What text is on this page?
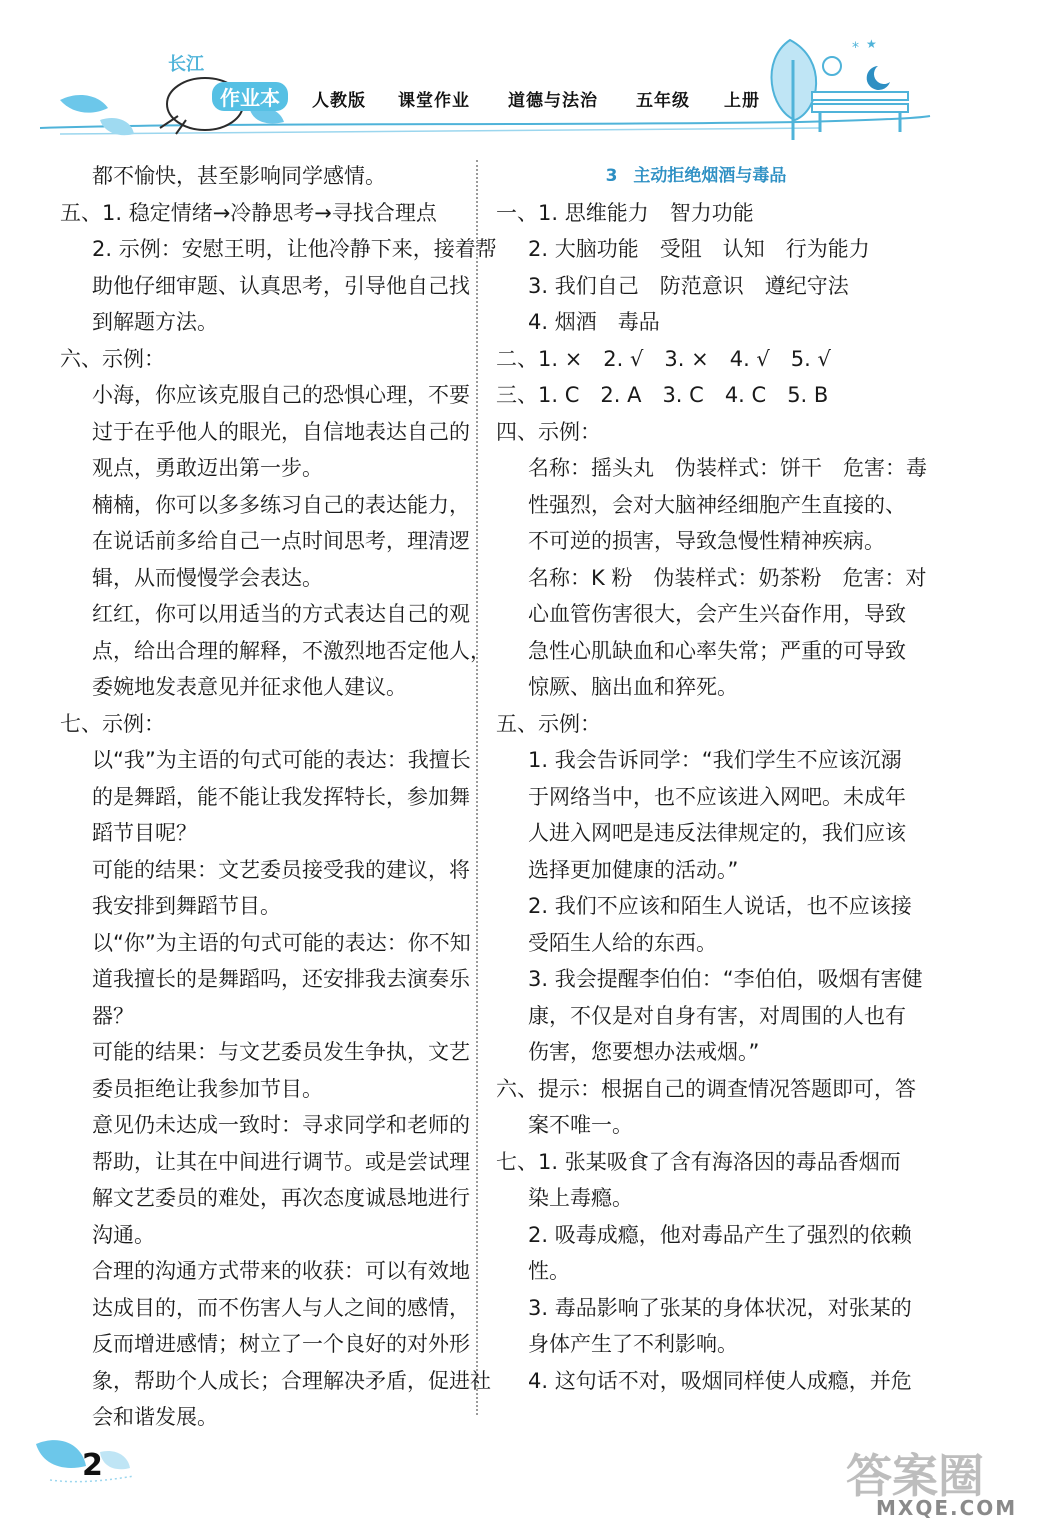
* ★
长江
作业本	人教版 课堂作业 道德与法治 五年级 上册
都不愉快，甚至影响同学感情。
五、1. 稳定情绪→冷静思考→寻找合理点
2. 示例：安慰王明，让他冷静下来，接着帮
助他仔细审题、认真思考，引导他自己找
到解题方法。
六、示例：
小海，你应该克服自己的恐惧心理，不要
过于在乎他人的眼光，自信地表达自己的
观点，勇敢迈出第一步。
楠楠，你可以多多练习自己的表达能力，
在说话前多给自己一点时间思考，理清逻
辑，从而慢慢学会表达。
红红，你可以用适当的方式表达自己的观
点，给出合理的解释，不激烈地否定他人，
委婉地发表意见并征求他人建议。
七、示例：
以“我”为主语的句式可能的表达：我擅长
的是舞蹈，能不能让我发挥特长，参加舞
蹈节目呢？
可能的结果：文艺委员接受我的建议，将
我安排到舞蹈节目。
以“你”为主语的句式可能的表达：你不知
道我擅长的是舞蹈吗，还安排我去演奏乐
器？
可能的结果：与文艺委员发生争执，文艺
委员拒绝让我参加节目。
意见仍未达成一致时：寻求同学和老师的
帮助，让其在中间进行调节。或是尝试理
解文艺委员的难处，再次态度诚恳地进行
沟通。
合理的沟通方式带来的收获：可以有效地
达成目的，而不伤害人与人之间的感情，
反而增进感情；树立了一个良好的对外形
象，帮助个人成长；合理解决矛盾，促进社
会和谐发展。
3 主动拒绝烟酒与毒品
一、1. 思维能力　智力功能
2. 大脑功能　受阻　认知　行为能力
3. 我们自己　防范意识　遵纪守法
4. 烟酒　毒品
二、1. ×　2. √　3. ×　4. √　5. √
三、1. C　2. A　3. C　4. C　5. B
四、示例：
名称：摇头丸　伪装样式：饼干　危害：毒
性强烈，会对大脑神经细胞产生直接的、
不可逆的损害，导致急慢性精神疾病。
名称：K 粉　伪装样式：奶茶粉　危害：对
心血管伤害很大，会产生兴奋作用，导致
急性心肌缺血和心率失常；严重的可导致
惊厥、脑出血和猝死。
五、示例：
1. 我会告诉同学：“我们学生不应该沉溺
于网络当中，也不应该进入网吧。未成年
人进入网吧是违反法律规定的，我们应该
选择更加健康的活动。”
2. 我们不应该和陌生人说话，也不应该接
受陌生人给的东西。
3. 我会提醒李伯伯：“李伯伯，吸烟有害健
康，不仅是对自身有害，对周围的人也有
伤害，您要想办法戒烟。”
六、提示：根据自己的调查情况答题即可，答
案不唯一。
七、1. 张某吸食了含有海洛因的毒品香烟而
染上毒瘾。
2. 吸毒成瘾，他对毒品产生了强烈的依赖
性。
3. 毒品影响了张某的身体状况，对张某的
身体产生了不利影响。
4. 这句话不对，吸烟同样使人成瘾，并危
2	答案圈
MXQE.COM
